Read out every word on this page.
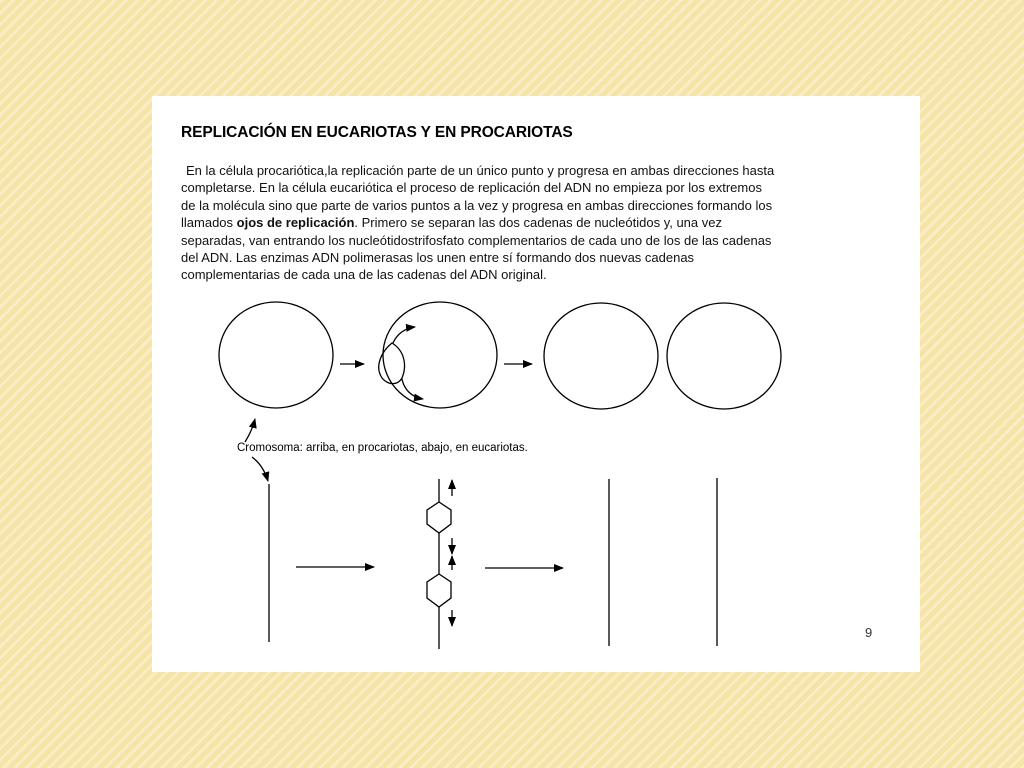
REPLICACIÓN EN EUCARIOTAS Y EN PROCARIOTAS

En la célula procariótica,la replicación parte de un único punto y progresa en ambas direcciones hasta
completarse. En la célula eucariótica el proceso de replicación del ADN no empieza por los extremos
de la molécula sino que parte de varios puntos a la vez y progresa en ambas direcciones formando los
llamados ojos de replicación. Primero se separan las dos cadenas de nucleótidos y, una vez
separadas, van entrando los nucleótidostrifosfato complementarios de cada uno de los de las cadenas
del ADN. Las enzimas ADN polimerasas los unen entre sí formando dos nuevas cadenas
complementarias de cada una de las cadenas del ADN original.

Cromosoma: arriba, en procariotas, abajo, en eucariotas.
9
